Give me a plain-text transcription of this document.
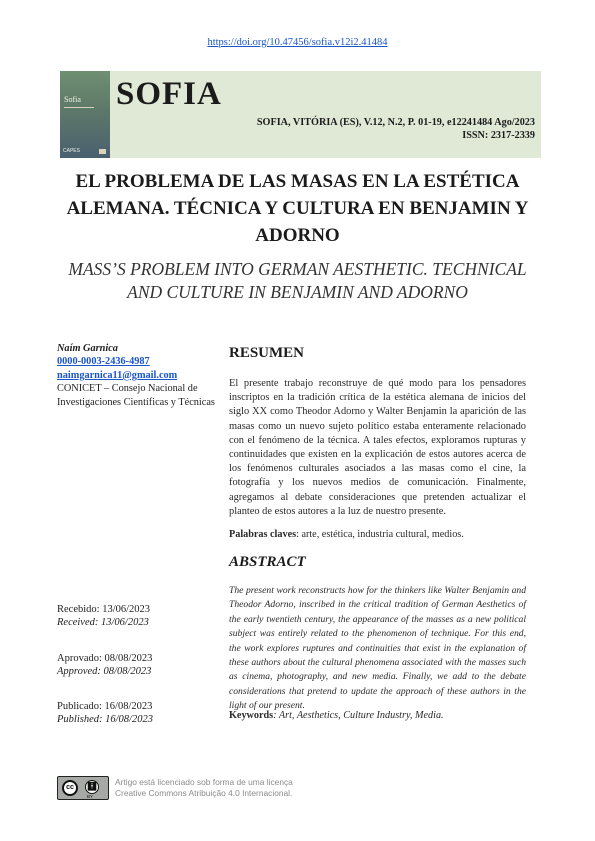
https://doi.org/10.47456/sofia.v12i2.41484
Sofia
CAPES
SOFIA
SOFIA, VITÓRIA (ES), V.12, N.2, P. 01-19, e12241484 Ago/2023
ISSN: 2317-2339
EL PROBLEMA DE LAS MASAS EN LA ESTÉTICA ALEMANA. TÉCNICA Y CULTURA EN BENJAMIN Y ADORNO
MASS’S PROBLEM INTO GERMAN AESTHETIC. TECHNICAL AND CULTURE IN BENJAMIN AND ADORNO
Naím Garnica
0000-0003-2436-4987
naimgarnica11@gmail.com
CONICET – Consejo Nacional de Investigaciones Científicas y Técnicas
Recebido: 13/06/2023
Received: 13/06/2023
Aprovado: 08/08/2023
Approved: 08/08/2023
Publicado: 16/08/2023
Published: 16/08/2023
RESUMEN
El presente trabajo reconstruye de qué modo para los pensadores inscriptos en la tradición crítica de la estética alemana de inicios del siglo XX como Theodor Adorno y Walter Benjamin la aparición de las masas como un nuevo sujeto político estaba enteramente relacionado con el fenómeno de la técnica. A tales efectos, exploramos rupturas y continuidades que existen en la explicación de estos autores acerca de los fenómenos culturales asociados a las masas como el cine, la fotografía y los nuevos medios de comunicación. Finalmente, agregamos al debate consideraciones que pretenden actualizar el planteo de estos autores a la luz de nuestro presente.
Palabras claves: arte, estética, industria cultural, medios.
ABSTRACT
The present work reconstructs how for the thinkers like Walter Benjamin and Theodor Adorno, inscribed in the critical tradition of German Aesthetics of the early twentieth century, the appearance of the masses as a new political subject was entirely related to the phenomenon of technique. For this end, the work explores ruptures and continuities that exist in the explanation of these authors about the cultural phenomena associated with the masses such as cinema, photography, and new media. Finally, we add to the debate considerations that pretend to update the approach of these authors in the light of our present.
Keywords: Art, Aesthetics, Culture Industry, Media.
cc	🚹︎
BY
Artigo está licenciado sob forma de uma licença
Creative Commons Atribuição 4.0 Internacional.
